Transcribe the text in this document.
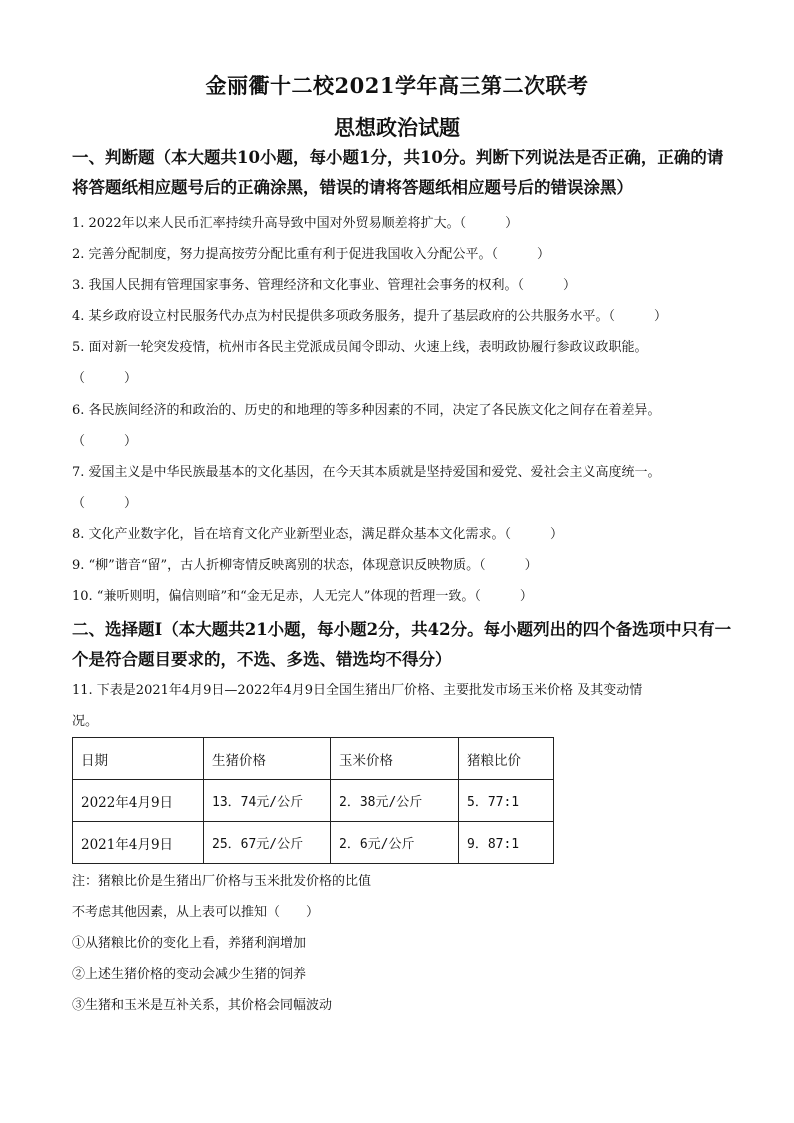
金丽衢十二校2021学年高三第二次联考
思想政治试题
一、判断题（本大题共10小题，每小题1分，共10分。判断下列说法是否正确，正确的请
将答题纸相应题号后的正确涂黑，错误的请将答题纸相应题号后的错误涂黑）
1. 2022年以来人民币汇率持续升高导致中国对外贸易顺差将扩大。（　　　）
2. 完善分配制度，努力提高按劳分配比重有利于促进我国收入分配公平。（　　　）
3. 我国人民拥有管理国家事务、管理经济和文化事业、管理社会事务的权利。（　　　）
4. 某乡政府设立村民服务代办点为村民提供多项政务服务，提升了基层政府的公共服务水平。（　　　）
5. 面对新一轮突发疫情，杭州市各民主党派成员闻令即动、火速上线，表明政协履行参政议政职能。
（　　　）
6. 各民族间经济的和政治的、历史的和地理的等多种因素的不同，决定了各民族文化之间存在着差异。
（　　　）
7. 爱国主义是中华民族最基本的文化基因，在今天其本质就是坚持爱国和爱党、爱社会主义高度统一。
（　　　）
8. 文化产业数字化，旨在培育文化产业新型业态，满足群众基本文化需求。（　　　）
9. “柳”谐音“留”，古人折柳寄情反映离别的状态，体现意识反映物质。（　　　）
10. “兼听则明，偏信则暗”和“金无足赤，人无完人”体现的哲理一致。（　　　）
二、选择题Ⅰ（本大题共21小题，每小题2分，共42分。每小题列出的四个备选项中只有一
个是符合题目要求的，不选、多选、错选均不得分）
11. 下表是2021年4月9日—2022年4月9日全国生猪出厂价格、主要批发市场玉米价格 及其变动情
况。
日期	生猪价格	玉米价格	猪粮比价
2022年4月9日	13．74元/公斤	2．38元/公斤	5．77:1
2021年4月9日	25．67元/公斤	2．6元/公斤	9．87:1
注：猪粮比价是生猪出厂价格与玉米批发价格的比值
不考虑其他因素，从上表可以推知（　　）
①从猪粮比价的变化上看，养猪利润增加
②上述生猪价格的变动会减少生猪的饲养
③生猪和玉米是互补关系，其价格会同幅波动
